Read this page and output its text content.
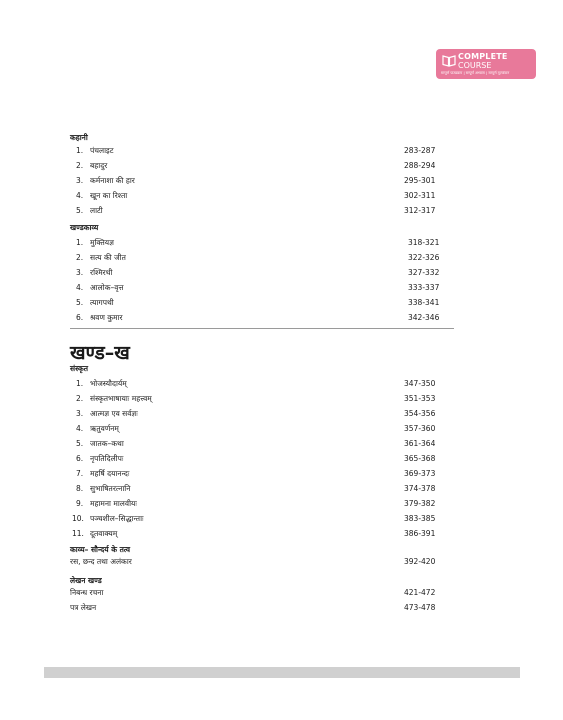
COMPLETE
COURSE
सम्पूर्ण पाठ्यक्रम | सम्पूर्ण अभ्यास | सम्पूर्ण मूल्यांकन
कहानी
1. पंचलाइट	283-287
2. बहादुर	288-294
3. कर्मनाशा की हार	295-301
4. खून का रिश्ता	302-311
5. लाटी	312-317
खण्डकाव्य
1. मुक्तियज्ञ	318-321
2. सत्य की जीत	322-326
3. रश्मिरथी	327-332
4. आलोक–वृत्त	333-337
5. त्यागपथी	338-341
6. श्रवण कुमार	342-346
खण्ड–ख
संस्कृत
1. भोजस्यौदार्यम्	347-350
2. संस्कृतभाषायाः महत्त्वम्	351-353
3. आत्मज्ञ एव सर्वज्ञः	354-356
4. ऋतुवर्णनम्	357-360
5. जातक–कथा	361-364
6. नृपतिदिलीपः	365-368
7. महर्षि दयानन्दः	369-373
8. सुभाषितरत्नानि	374-378
9. महामना मालवीयः	379-382
10. पञ्चशील–सिद्धान्ताः	383-385
11. दूतवाक्यम्	386-391
काव्य– सौन्दर्य के तत्व
रस, छन्द तथा अलंकार	392-420
लेखन खण्ड
निबन्ध रचना	421-472
पत्र लेखन	473-478
